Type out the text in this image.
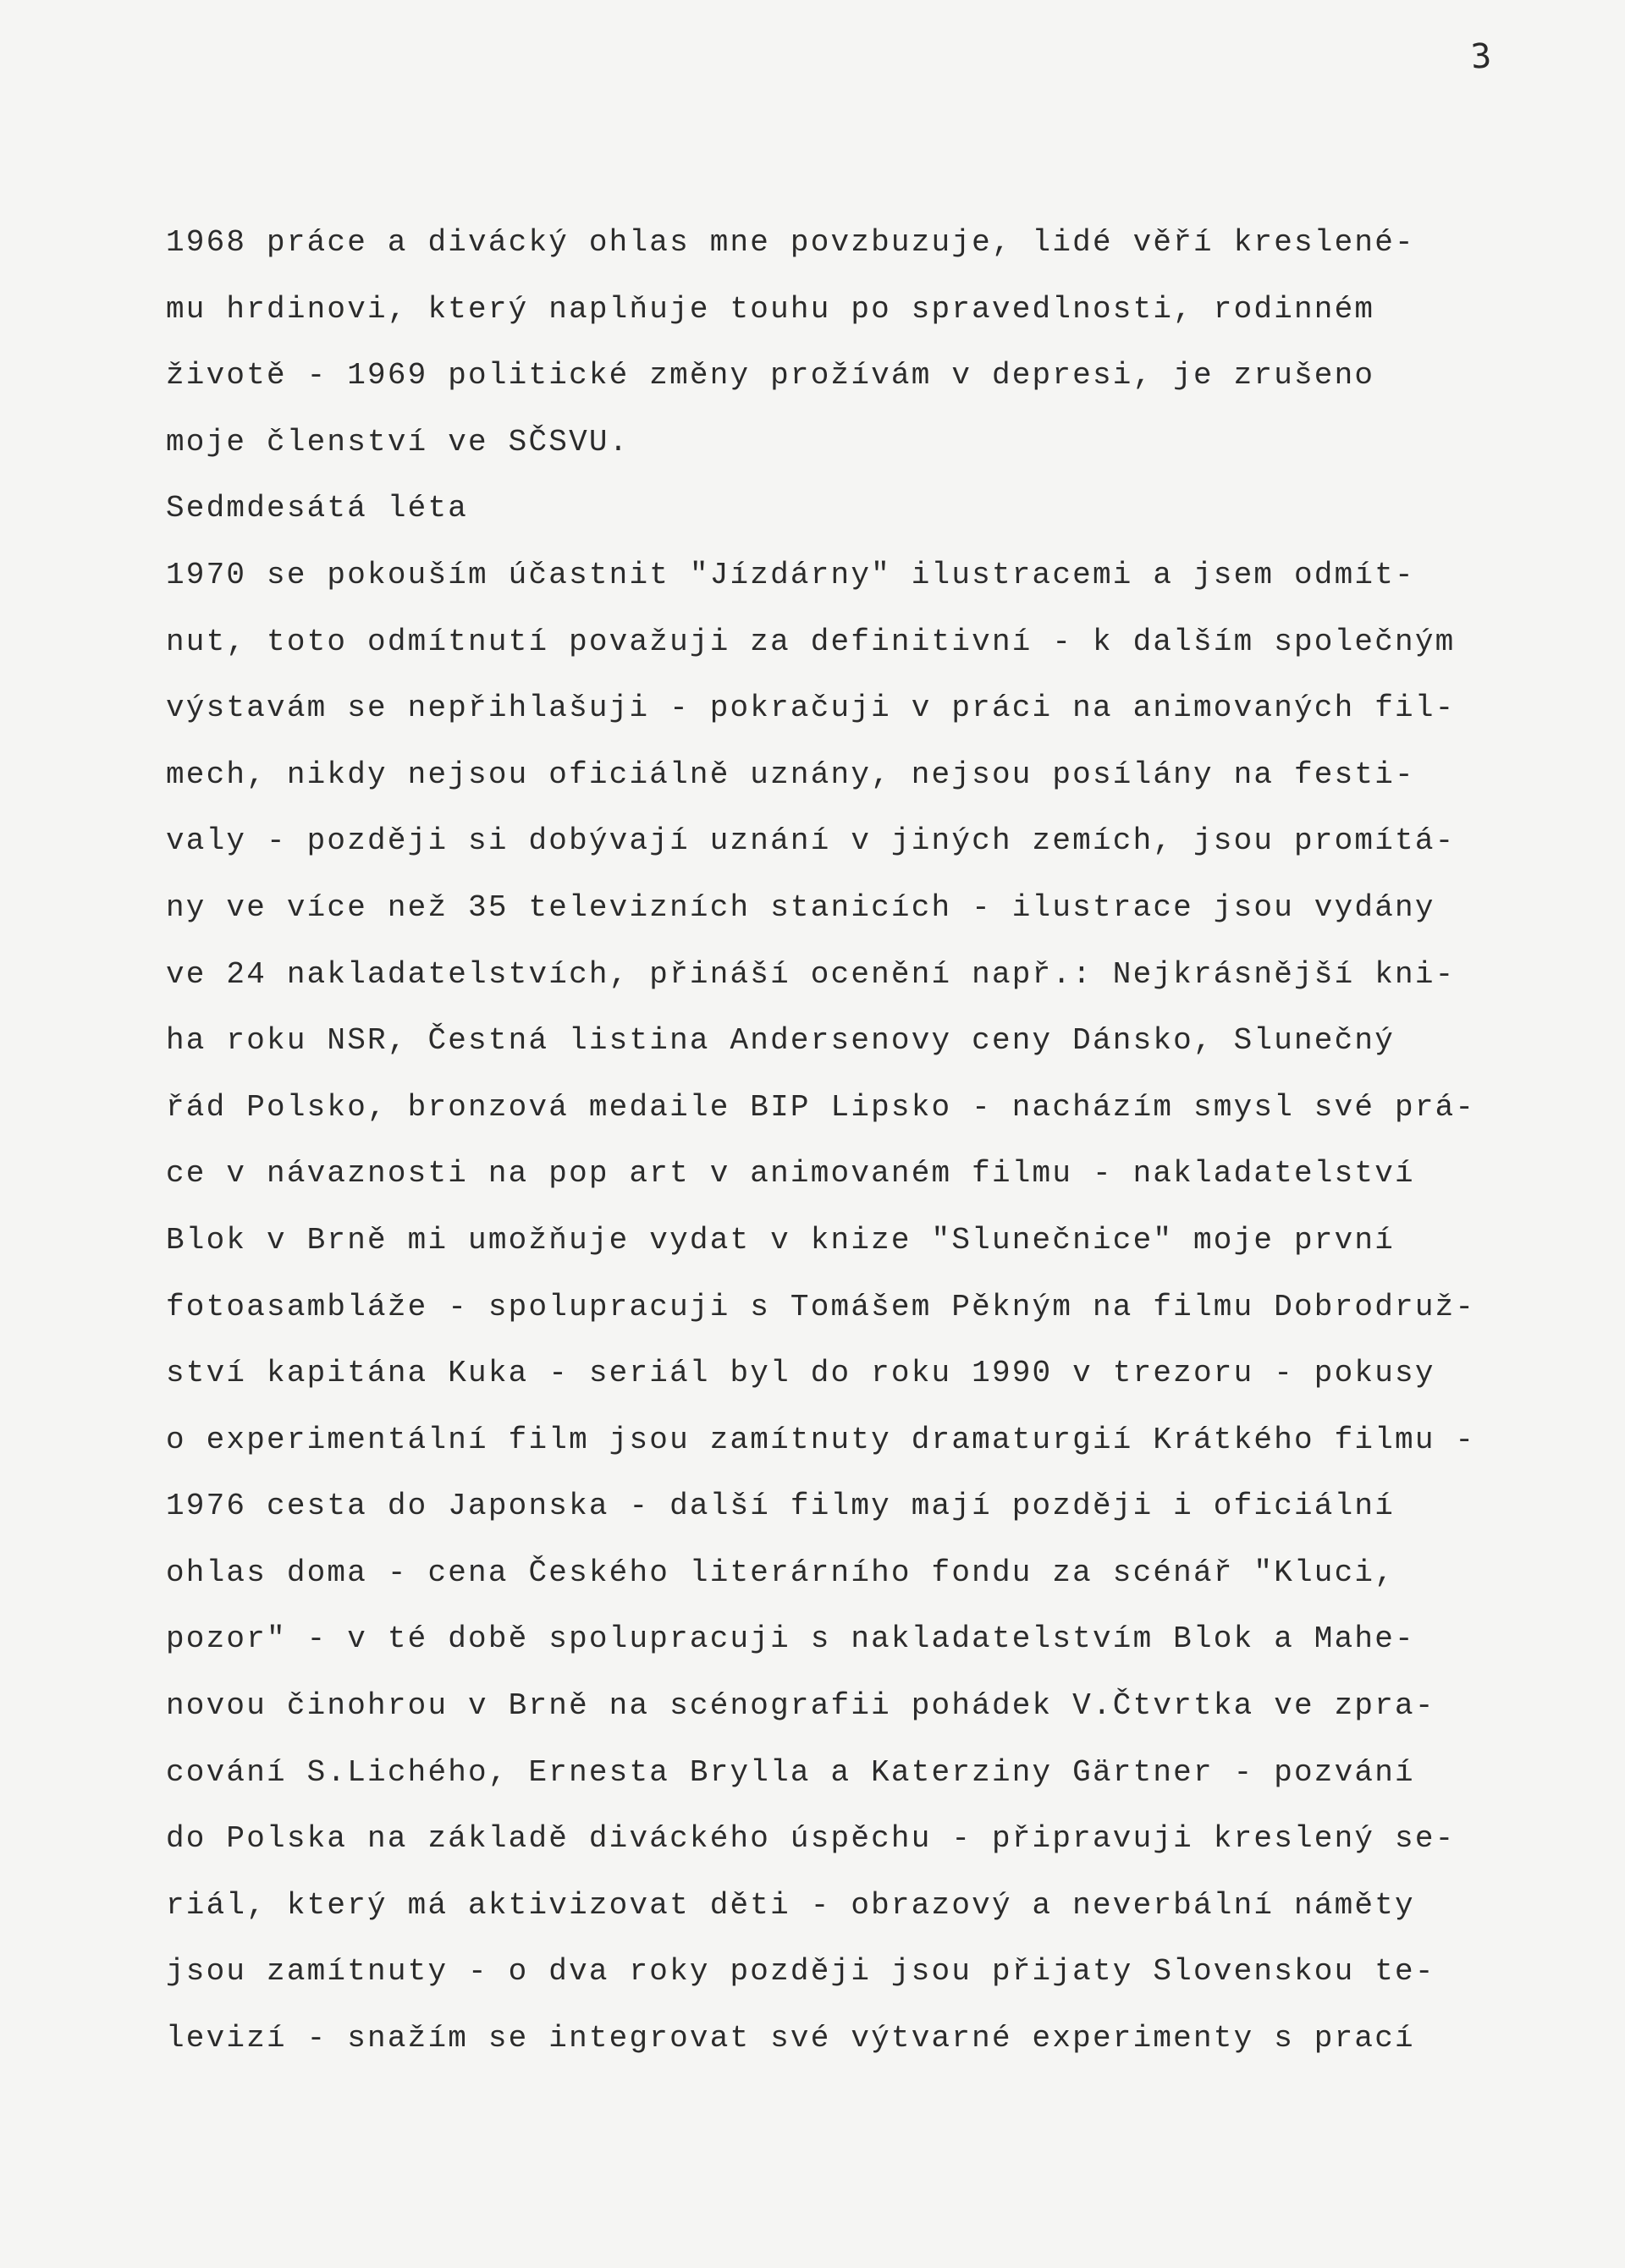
3
1968 práce a divácký ohlas mne povzbuzuje, lidé věří kreslené-
mu hrdinovi, který naplňuje touhu po spravedlnosti, rodinném
životě - 1969 politické změny prožívám v depresi, je zrušeno
moje členství ve SČSVU.
Sedmdesátá léta
1970 se pokouším účastnit "Jízdárny" ilustracemi a jsem odmít-
nut, toto odmítnutí považuji za definitivní - k dalším společným
výstavám se nepřihlašuji - pokračuji v práci na animovaných fil-
mech, nikdy nejsou oficiálně uznány, nejsou posílány na festi-
valy - později si dobývají uznání v jiných zemích, jsou promítá-
ny ve více než 35 televizních stanicích - ilustrace jsou vydány
ve 24 nakladatelstvích, přináší ocenění např.: Nejkrásnější kni-
ha roku NSR, Čestná listina Andersenovy ceny Dánsko, Slunečný
řád Polsko, bronzová medaile BIP Lipsko - nacházím smysl své prá-
ce v návaznosti na pop art v animovaném filmu - nakladatelství
Blok v Brně mi umožňuje vydat v knize "Slunečnice" moje první
fotoasambláže - spolupracuji s Tomášem Pěkným na filmu Dobrodruž-
ství kapitána Kuka - seriál byl do roku 1990 v trezoru - pokusy
o experimentální film jsou zamítnuty dramaturgií Krátkého filmu -
1976 cesta do Japonska - další filmy mají později i oficiální
ohlas doma - cena Českého literárního fondu za scénář "Kluci,
pozor" - v té době spolupracuji s nakladatelstvím Blok a Mahe-
novou činohrou v Brně na scénografii pohádek V.Čtvrtka ve zpra-
cování S.Lichého, Ernesta Brylla a Katerziny Gärtner - pozvání
do Polska na základě diváckého úspěchu - připravuji kreslený se-
riál, který má aktivizovat děti - obrazový a neverbální náměty
jsou zamítnuty - o dva roky později jsou přijaty Slovenskou te-
levizí - snažím se integrovat své výtvarné experimenty s prací
